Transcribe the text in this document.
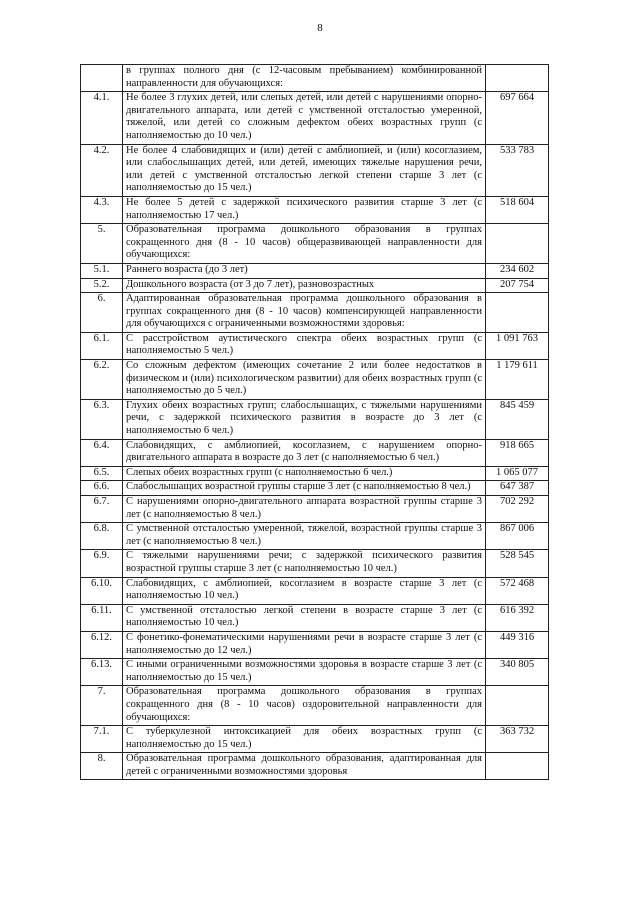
8
	в группах полного дня (с 12-часовым пребыванием) комбинированной направленности для обучающихся:	
4.1.	Не более 3 глухих детей, или слепых детей, или детей с нарушениями опорно-двигательного аппарата, или детей с умственной отсталостью умеренной, тяжелой, или детей со сложным дефектом обеих возрастных групп (с наполняемостью до 10 чел.)	697 664
4.2.	Не более 4 слабовидящих и (или) детей с амблиопией, и (или) косоглазием, или слабослышащих детей, или детей, имеющих тяжелые нарушения речи, или детей с умственной отсталостью легкой степени старше 3 лет (с наполняемостью до 15 чел.)	533 783
4.3.	Не более 5 детей с задержкой психического развития старше 3 лет (с наполняемостью 17 чел.)	518 604
5.	Образовательная программа дошкольного образования в группах сокращенного дня (8 - 10 часов) общеразвивающей направленности для обучающихся:	
5.1.	Раннего возраста (до 3 лет)	234 602
5.2.	Дошкольного возраста (от 3 до 7 лет), разновозрастных	207 754
6.	Адаптированная образовательная программа дошкольного образования в группах сокращенного дня (8 - 10 часов) компенсирующей направленности для обучающихся с ограниченными возможностями здоровья:	
6.1.	С расстройством аутистического спектра обеих возрастных групп (с наполняемостью 5 чел.)	1 091 763
6.2.	Со сложным дефектом (имеющих сочетание 2 или более недостатков в физическом и (или) психологическом развитии) для обеих возрастных групп (с наполняемостью до 5 чел.)	1 179 611
6.3.	Глухих обеих возрастных групп; слабослышащих, с тяжелыми нарушениями речи, с задержкой психического развития в возрасте до 3 лет (с наполняемостью 6 чел.)	845 459
6.4.	Слабовидящих, с амблиопией, косоглазием, с нарушением опорно-двигательного аппарата в возрасте до 3 лет (с наполняемостью 6 чел.)	918 665
6.5.	Слепых обеих возрастных групп (с наполняемостью 6 чел.)	1 065 077
6.6.	Слабослышащих возрастной группы старше 3 лет (с наполняемостью 8 чел.)	647 387
6.7.	С нарушениями опорно-двигательного аппарата возрастной группы старше 3 лет (с наполняемостью 8 чел.)	702 292
6.8.	С умственной отсталостью умеренной, тяжелой, возрастной группы старше 3 лет (с наполняемостью 8 чел.)	867 006
6.9.	С тяжелыми нарушениями речи; с задержкой психического развития возрастной группы старше 3 лет (с наполняемостью 10 чел.)	528 545
6.10.	Слабовидящих, с амблиопией, косоглазием в возрасте старше 3 лет (с наполняемостью 10 чел.)	572 468
6.11.	С умственной отсталостью легкой степени в возрасте старше 3 лет (с наполняемостью 10 чел.)	616 392
6.12.	С фонетико-фонематическими нарушениями речи в возрасте старше 3 лет (с наполняемостью до 12 чел.)	449 316
6.13.	С иными ограниченными возможностями здоровья в возрасте старше 3 лет (с наполняемостью до 15 чел.)	340 805
7.	Образовательная программа дошкольного образования в группах сокращенного дня (8 - 10 часов) оздоровительной направленности для обучающихся:	
7.1.	С туберкулезной интоксикацией для обеих возрастных групп (с наполняемостью до 15 чел.)	363 732
8.	Образовательная программа дошкольного образования, адаптированная для детей с ограниченными возможностями здоровья	
